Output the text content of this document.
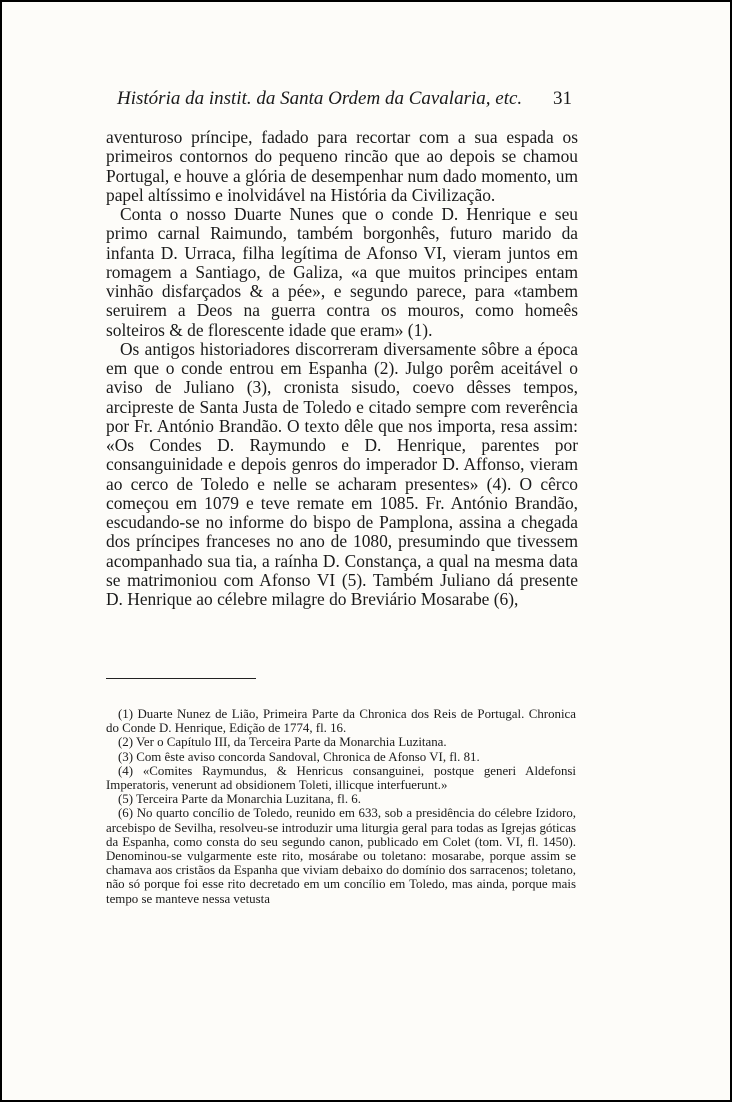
História da instit. da Santa Ordem da Cavalaria, etc. 31

aventuroso príncipe, fadado para recortar com a sua espada os primeiros contornos do pequeno rincão que ao depois se chamou Portugal, e houve a glória de desempenhar num dado momento, um papel altíssimo e inolvidável na História da Civilização.

Conta o nosso Duarte Nunes que o conde D. Henrique e seu primo carnal Raimundo, também borgonhês, futuro marido da infanta D. Urraca, filha legítima de Afonso VI, vieram juntos em romagem a Santiago, de Galiza, «a que muitos principes entam vinhão disfarçados & a pée», e segundo parece, para «tambem seruirem a Deos na guerra contra os mouros, como homeês solteiros & de florescente idade que eram» (1).

Os antigos historiadores discorreram diversamente sôbre a época em que o conde entrou em Espanha (2). Julgo porêm aceitável o aviso de Juliano (3), cronista sisudo, coevo dêsses tempos, arcipreste de Santa Justa de Toledo e citado sempre com reverência por Fr. António Brandão. O texto dêle que nos importa, resa assim: «Os Condes D. Raymundo e D. Henrique, parentes por consanguinidade e depois genros do imperador D. Affonso, vieram ao cerco de Toledo e nelle se acharam presentes» (4). O cêrco começou em 1079 e teve remate em 1085. Fr. António Brandão, escudando-se no informe do bispo de Pamplona, assina a chegada dos príncipes franceses no ano de 1080, presumindo que tivessem acompanhado sua tia, a raínha D. Constança, a qual na mesma data se matrimoniou com Afonso VI (5). Também Juliano dá presente D. Henrique ao célebre milagre do Breviário Mosarabe (6),

(1) Duarte Nunez de Lião, Primeira Parte da Chronica dos Reis de Portugal. Chronica do Conde D. Henrique, Edição de 1774, fl. 16.

(2) Ver o Capítulo III, da Terceira Parte da Monarchia Luzitana.

(3) Com êste aviso concorda Sandoval, Chronica de Afonso VI, fl. 81.

(4) «Comites Raymundus, & Henricus consanguinei, postque generi Aldefonsi Imperatoris, venerunt ad obsidionem Toleti, illicque interfuerunt.»

(5) Terceira Parte da Monarchia Luzitana, fl. 6.

(6) No quarto concílio de Toledo, reunido em 633, sob a presidência do célebre Izidoro, arcebispo de Sevilha, resolveu-se introduzir uma liturgia geral para todas as Igrejas góticas da Espanha, como consta do seu segundo canon, publicado em Colet (tom. VI, fl. 1450). Denominou-se vulgarmente este rito, mosárabe ou toletano: mosarabe, porque assim se chamava aos cristãos da Espanha que viviam debaixo do domínio dos sarracenos; toletano, não só porque foi esse rito decretado em um concílio em Toledo, mas ainda, porque mais tempo se manteve nessa vetusta
